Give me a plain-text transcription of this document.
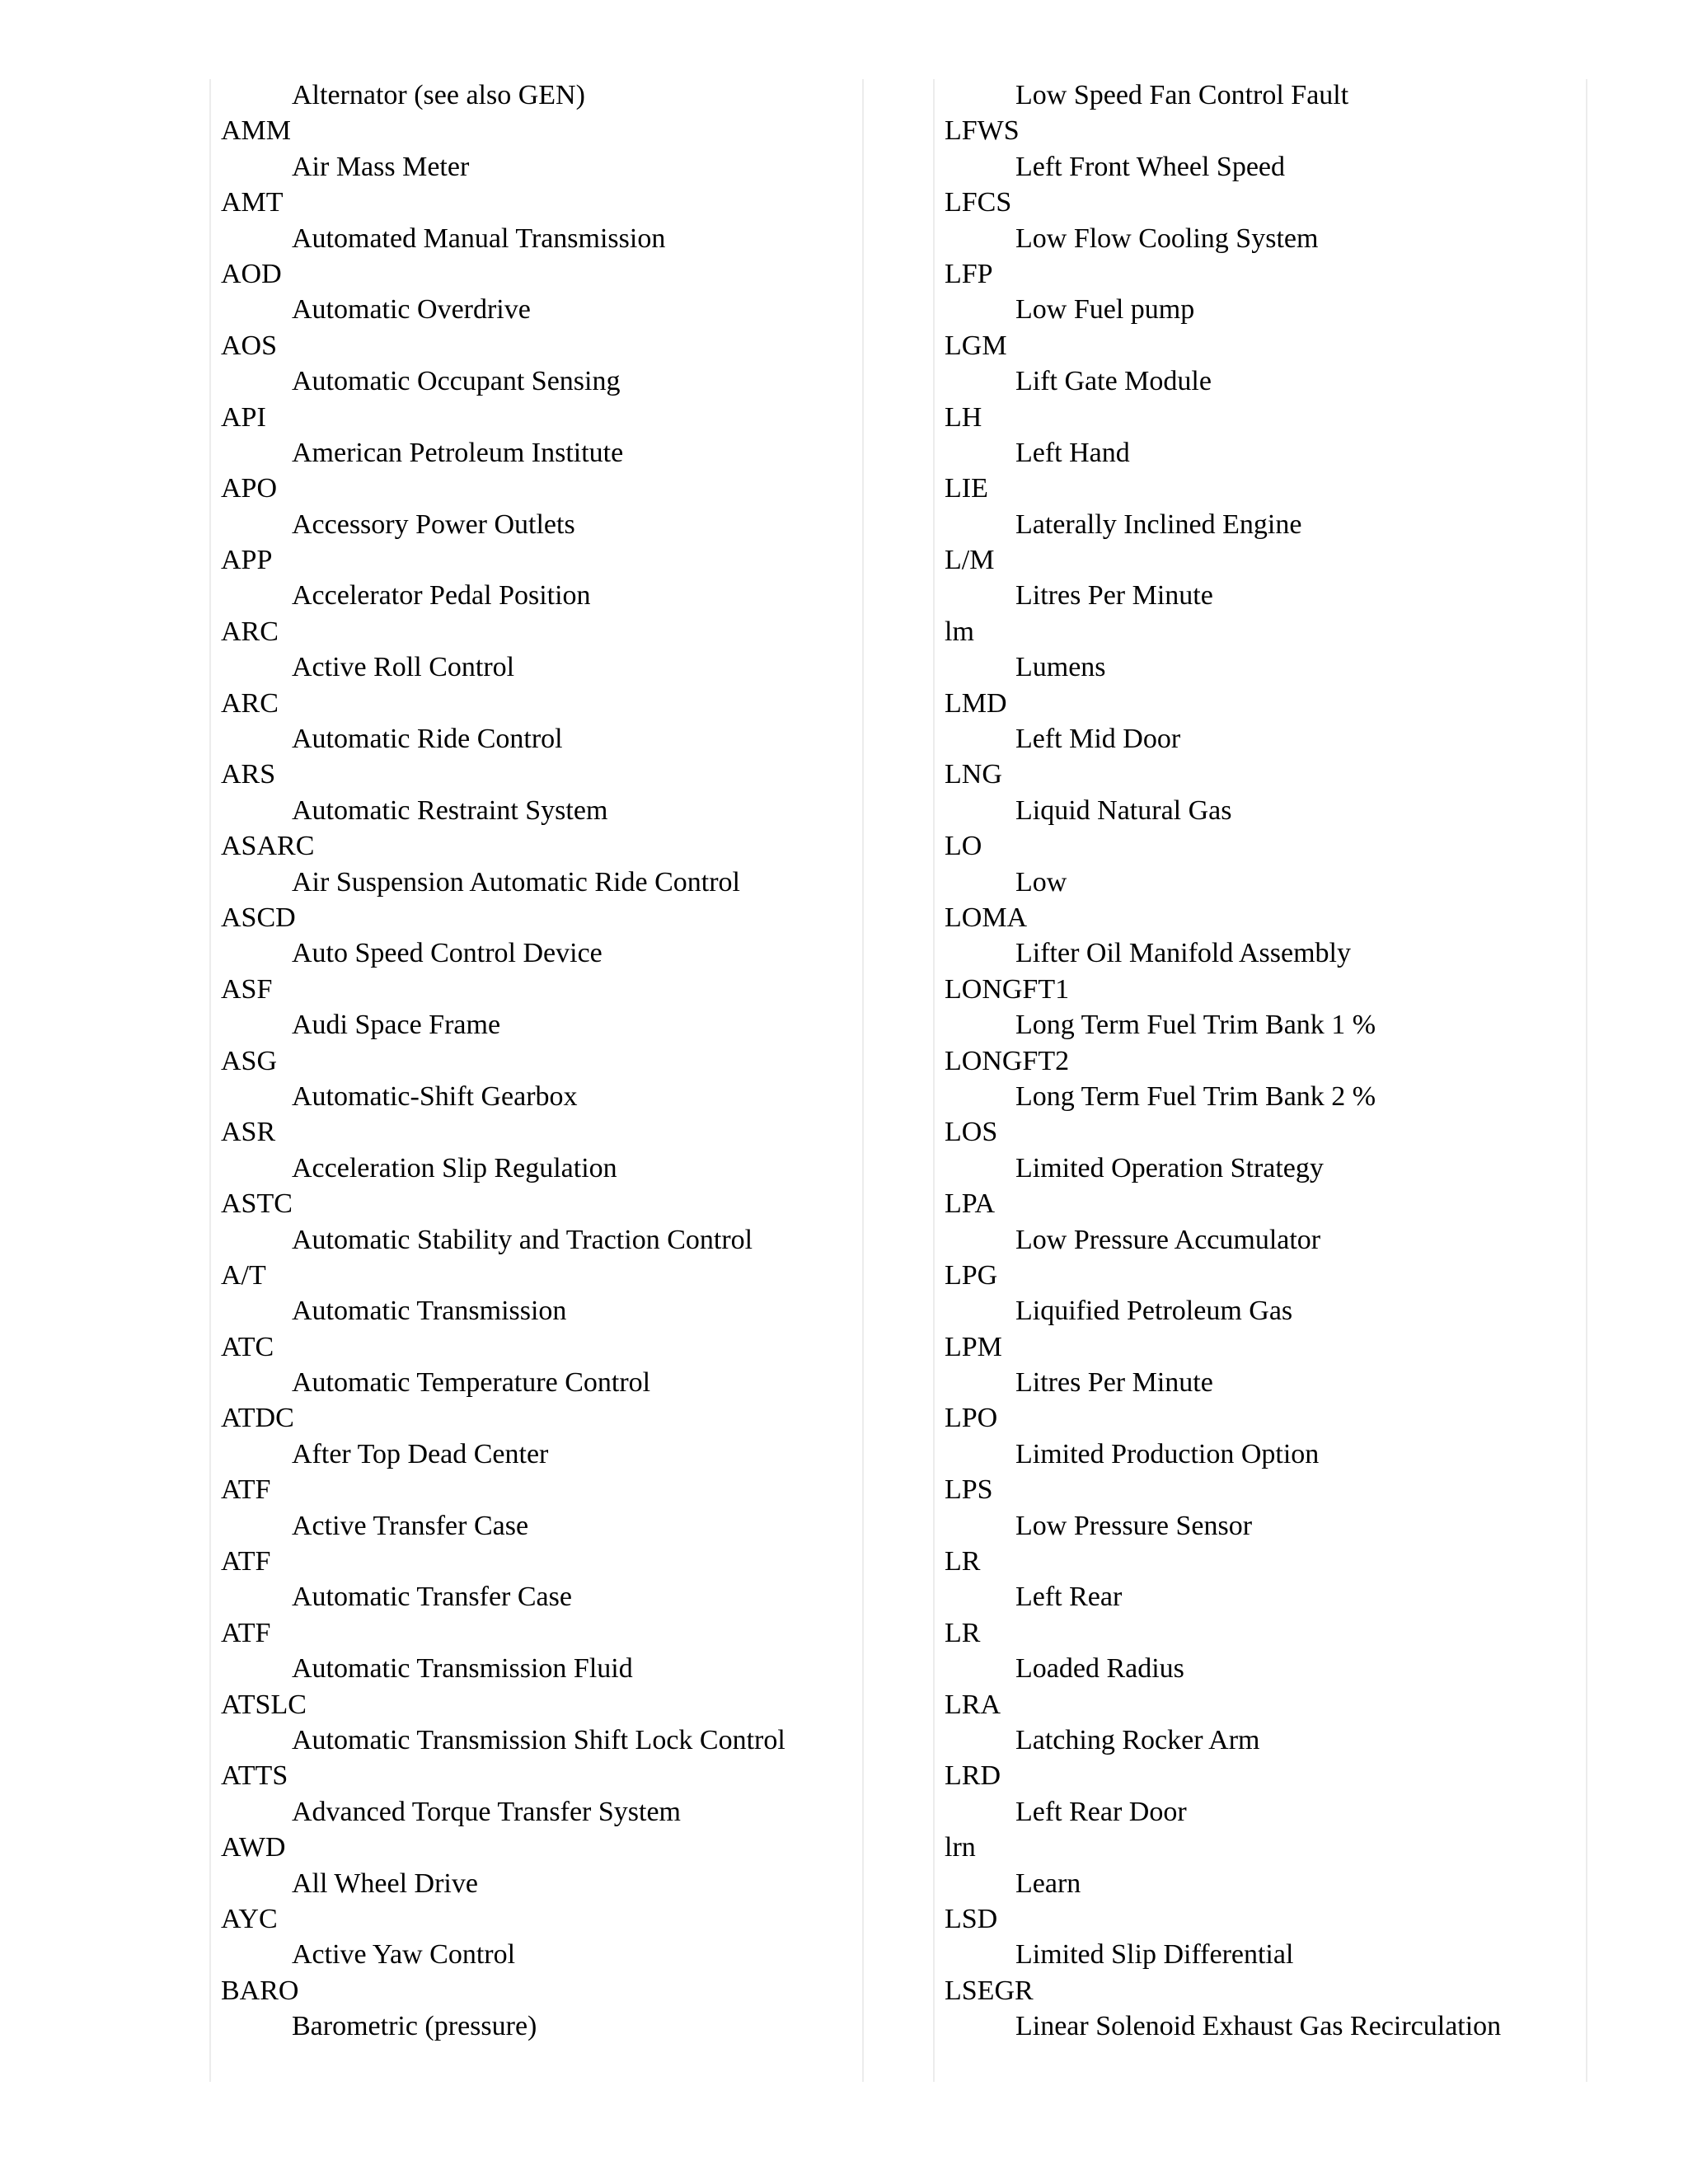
Alternator (see also GEN)
AMM
Air Mass Meter
AMT
Automated Manual Transmission
AOD
Automatic Overdrive
AOS
Automatic Occupant Sensing
API
American Petroleum Institute
APO
Accessory Power Outlets
APP
Accelerator Pedal Position
ARC
Active Roll Control
ARC
Automatic Ride Control
ARS
Automatic Restraint System
ASARC
Air Suspension Automatic Ride Control
ASCD
Auto Speed Control Device
ASF
Audi Space Frame
ASG
Automatic-Shift Gearbox
ASR
Acceleration Slip Regulation
ASTC
Automatic Stability and Traction Control
A/T
Automatic Transmission
ATC
Automatic Temperature Control
ATDC
After Top Dead Center
ATF
Active Transfer Case
ATF
Automatic Transfer Case
ATF
Automatic Transmission Fluid
ATSLC
Automatic Transmission Shift Lock Control
ATTS
Advanced Torque Transfer System
AWD
All Wheel Drive
AYC
Active Yaw Control
BARO
Barometric (pressure)
Low Speed Fan Control Fault
LFWS
Left Front Wheel Speed
LFCS
Low Flow Cooling System
LFP
Low Fuel pump
LGM
Lift Gate Module
LH
Left Hand
LIE
Laterally Inclined Engine
L/M
Litres Per Minute
lm
Lumens
LMD
Left Mid Door
LNG
Liquid Natural Gas
LO
Low
LOMA
Lifter Oil Manifold Assembly
LONGFT1
Long Term Fuel Trim Bank 1 %
LONGFT2
Long Term Fuel Trim Bank 2 %
LOS
Limited Operation Strategy
LPA
Low Pressure Accumulator
LPG
Liquified Petroleum Gas
LPM
Litres Per Minute
LPO
Limited Production Option
LPS
Low Pressure Sensor
LR
Left Rear
LR
Loaded Radius
LRA
Latching Rocker Arm
LRD
Left Rear Door
lrn
Learn
LSD
Limited Slip Differential
LSEGR
Linear Solenoid Exhaust Gas Recirculation
